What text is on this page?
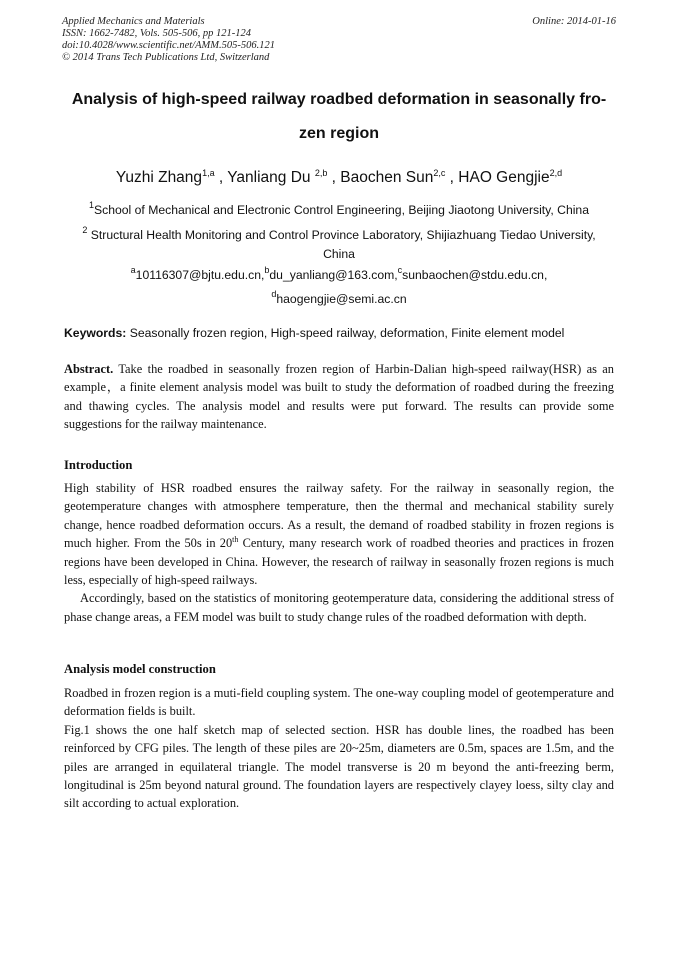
Applied Mechanics and Materials
ISSN: 1662-7482, Vols. 505-506, pp 121-124
doi:10.4028/www.scientific.net/AMM.505-506.121
© 2014 Trans Tech Publications Ltd, Switzerland
Online: 2014-01-16
Analysis of high-speed railway roadbed deformation in seasonally fro-
zen region
Yuzhi Zhang$^{1,a}$ , Yanliang Du $^{2,b}$ , Baochen Sun$^{2,c}$ , HAO Gengjie$^{2,d}$
$^1$School of Mechanical and Electronic Control Engineering, Beijing Jiaotong University, China
$^2$ Structural Health Monitoring and Control Province Laboratory, Shijiazhuang Tiedao University, China
$^a$10116307@bjtu.edu.cn,$^b$du_yanliang@163.com,$^c$sunbaochen@stdu.edu.cn,
$^d$haogengjie@semi.ac.cn
Keywords: Seasonally frozen region, High-speed railway, deformation, Finite element model

Abstract. Take the roadbed in seasonally frozen region of Harbin-Dalian high-speed railway(HSR) as an example，a finite element analysis model was built to study the deformation of roadbed during the freezing and thawing cycles. The analysis model and results were put forward. The results can provide some suggestions for the railway maintenance.

Introduction

High stability of HSR roadbed ensures the railway safety. For the railway in seasonally region, the geotemperature changes with atmosphere temperature, then the thermal and mechanical stability surely change, hence roadbed deformation occurs. As a result, the demand of roadbed stability in frozen regions is much higher. From the 50s in 20th Century, many research work of roadbed theories and practices in frozen regions have been developed in China. However, the research of railway in seasonally frozen regions is much less, especially of high-speed railways.

Accordingly, based on the statistics of monitoring geotemperature data, considering the additional stress of phase change areas, a FEM model was built to study change rules of the roadbed deformation with depth.

Analysis model construction

Roadbed in frozen region is a muti-field coupling system. The one-way coupling model of geotemperature and deformation fields is built.

Fig.1 shows the one half sketch map of selected section. HSR has double lines, the roadbed has been reinforced by CFG piles. The length of these piles are 20~25m, diameters are 0.5m, spaces are 1.5m, and the piles are arranged in equilateral triangle. The model transverse is 20 m beyond the anti-freezing berm, longitudinal is 25m beyond natural ground. The foundation layers are respectively clayey loess, silty clay and silt according to actual exploration.
